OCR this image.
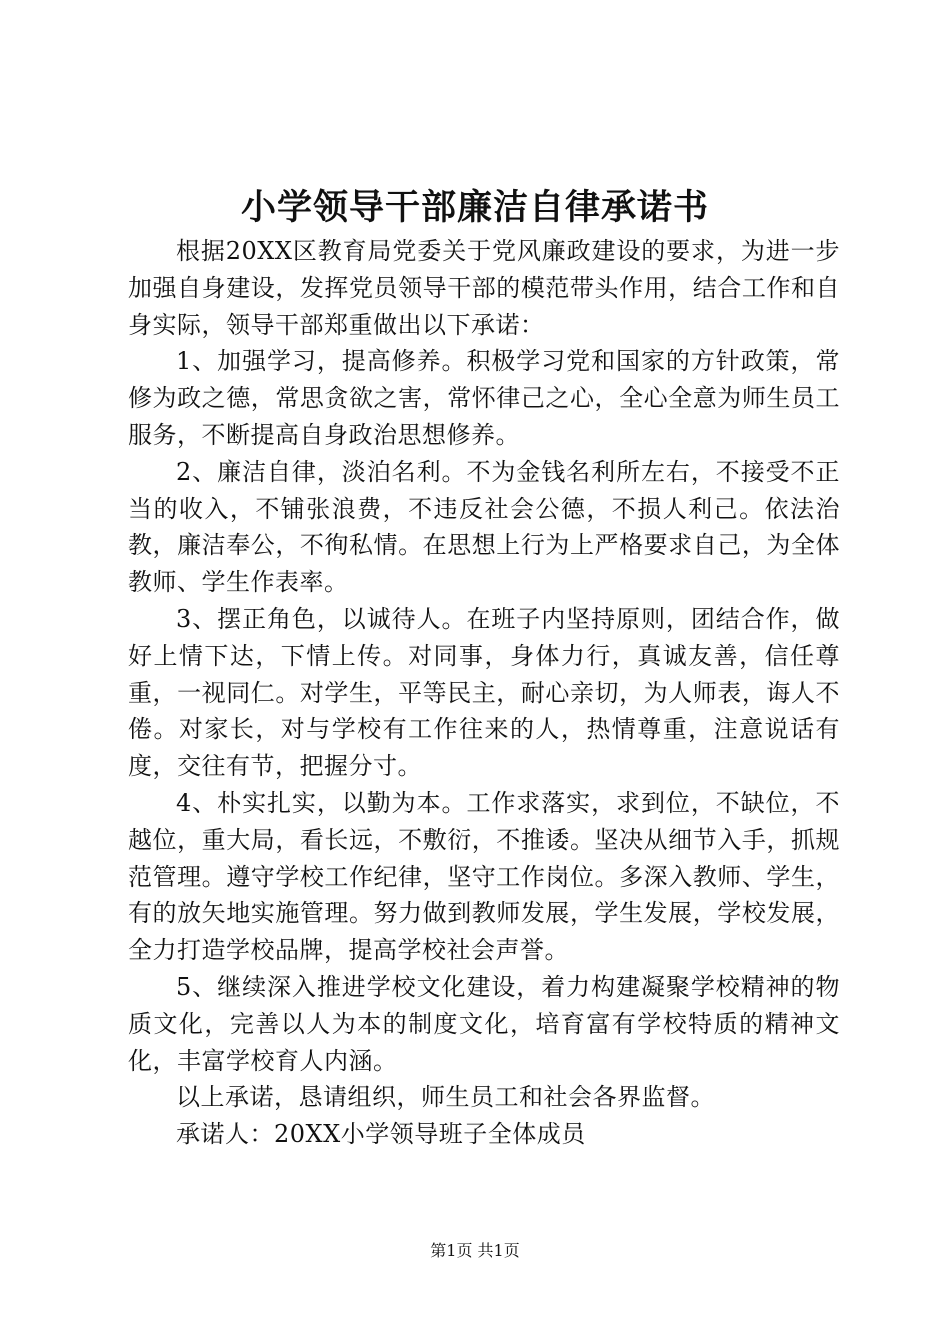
小学领导干部廉洁自律承诺书

根据20XX区教育局党委关于党风廉政建设的要求，为进一步加强自身建设，发挥党员领导干部的模范带头作用，结合工作和自身实际，领导干部郑重做出以下承诺：

1、加强学习，提高修养。积极学习党和国家的方针政策，常修为政之德，常思贪欲之害，常怀律己之心，全心全意为师生员工服务，不断提高自身政治思想修养。

2、廉洁自律，淡泊名利。不为金钱名利所左右，不接受不正当的收入，不铺张浪费，不违反社会公德，不损人利己。依法治教，廉洁奉公，不徇私情。在思想上行为上严格要求自己，为全体教师、学生作表率。

3、摆正角色，以诚待人。在班子内坚持原则，团结合作，做好上情下达，下情上传。对同事，身体力行，真诚友善，信任尊重，一视同仁。对学生，平等民主，耐心亲切，为人师表，诲人不倦。对家长，对与学校有工作往来的人，热情尊重，注意说话有度，交往有节，把握分寸。

4、朴实扎实，以勤为本。工作求落实，求到位，不缺位，不越位，重大局，看长远，不敷衍，不推诿。坚决从细节入手，抓规范管理。遵守学校工作纪律，坚守工作岗位。多深入教师、学生，有的放矢地实施管理。努力做到教师发展，学生发展，学校发展，全力打造学校品牌，提高学校社会声誉。

5、继续深入推进学校文化建设，着力构建凝聚学校精神的物质文化，完善以人为本的制度文化，培育富有学校特质的精神文化，丰富学校育人内涵。

以上承诺，恳请组织，师生员工和社会各界监督。

承诺人：20XX小学领导班子全体成员

第1页 共1页
